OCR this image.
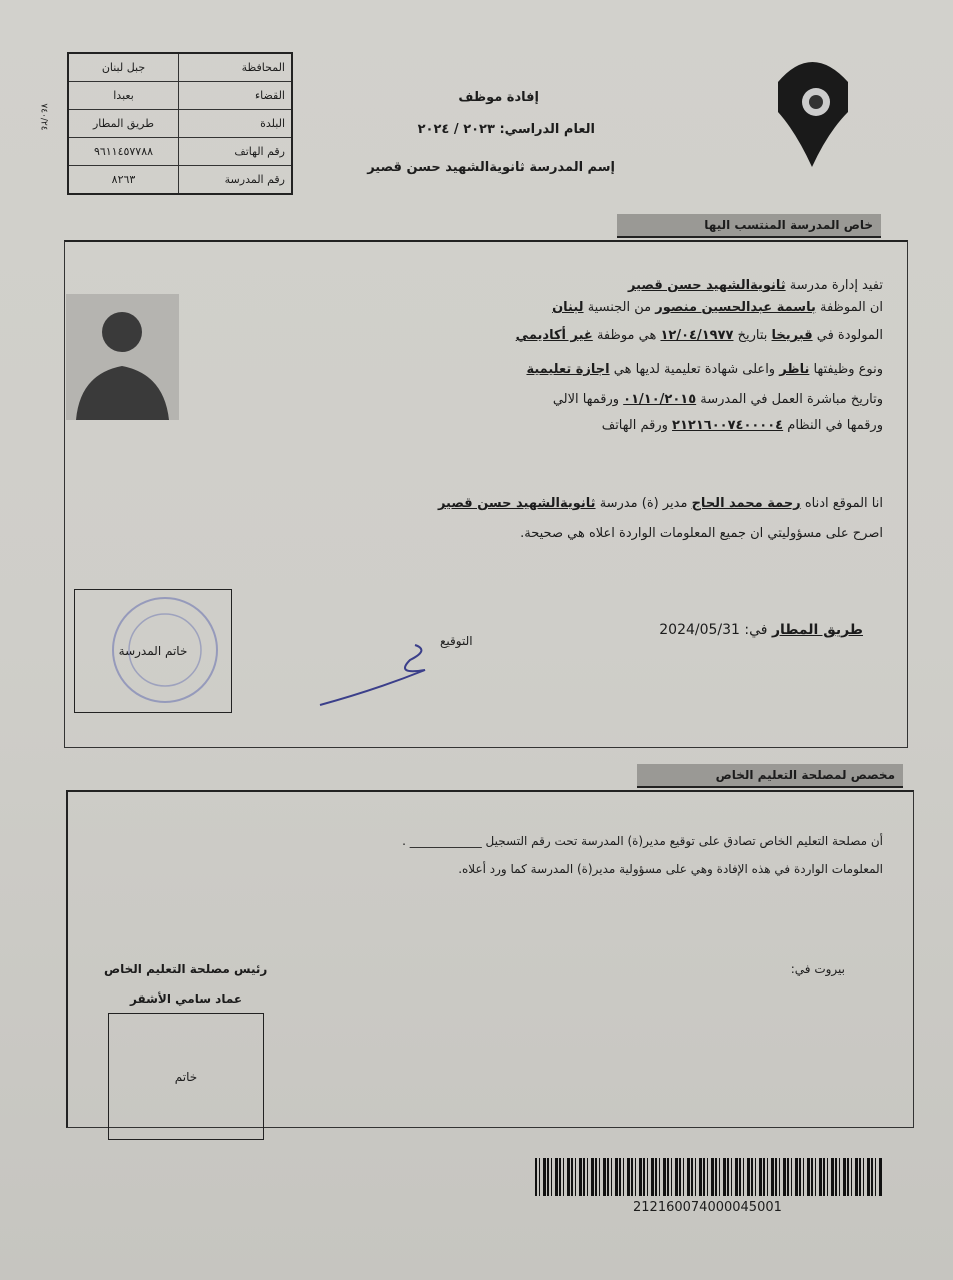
٧٤٠/٢٤
المحافظة	جبل لبنان
القضاء	بعبدا
البلدة	طريق المطار
رقم الهاتف	٩٦١١٤٥٧٧٨٨
رقم المدرسة	٨٢٦٣
إفادة موظف
العام الدراسي: ٢٠٢٣ / ٢٠٢٤
إسم المدرسة ثانويةالشهيد حسن قصير
خاص المدرسة المنتسب اليها
تفيد إدارة مدرسة ثانويةالشهيد حسن قصير
ان الموظفة باسمة عبدالحسين منصور من الجنسية لبنان
المولودة في قبريخا بتاريخ ١٢/٠٤/١٩٧٧ هي موظفة غير أكاديمي
ونوع وظيفتها ناظر واعلى شهادة تعليمية لديها هي اجازة تعليمية
وتاريخ مباشرة العمل في المدرسة ٠١/١٠/٢٠١٥ ورقمها الالي
ورقمها في النظام ٢١٢١٦٠٠٧٤٠٠٠٠٤ ورقم الهاتف
انا الموقع ادناه رحمة محمد الحاج مدير (ة) مدرسة ثانويةالشهيد حسن قصير
اصرح على مسؤوليتي ان جميع المعلومات الواردة اعلاه هي صحيحة.
طريق المطار في: 2024/05/31
التوقيع
خاتم المدرسة
مخصص لمصلحة التعليم الخاص
أن مصلحة التعليم الخاص تصادق على توقيع مدير(ة) المدرسة تحت رقم التسجيل ____________ .
المعلومات الواردة في هذه الإفادة وهي على مسؤولية مدير(ة) المدرسة كما ورد أعلاه.
بيروت في:
رئيس مصلحة التعليم الخاص
عماد سامي الأشقر
خاتم
212160074000045001
